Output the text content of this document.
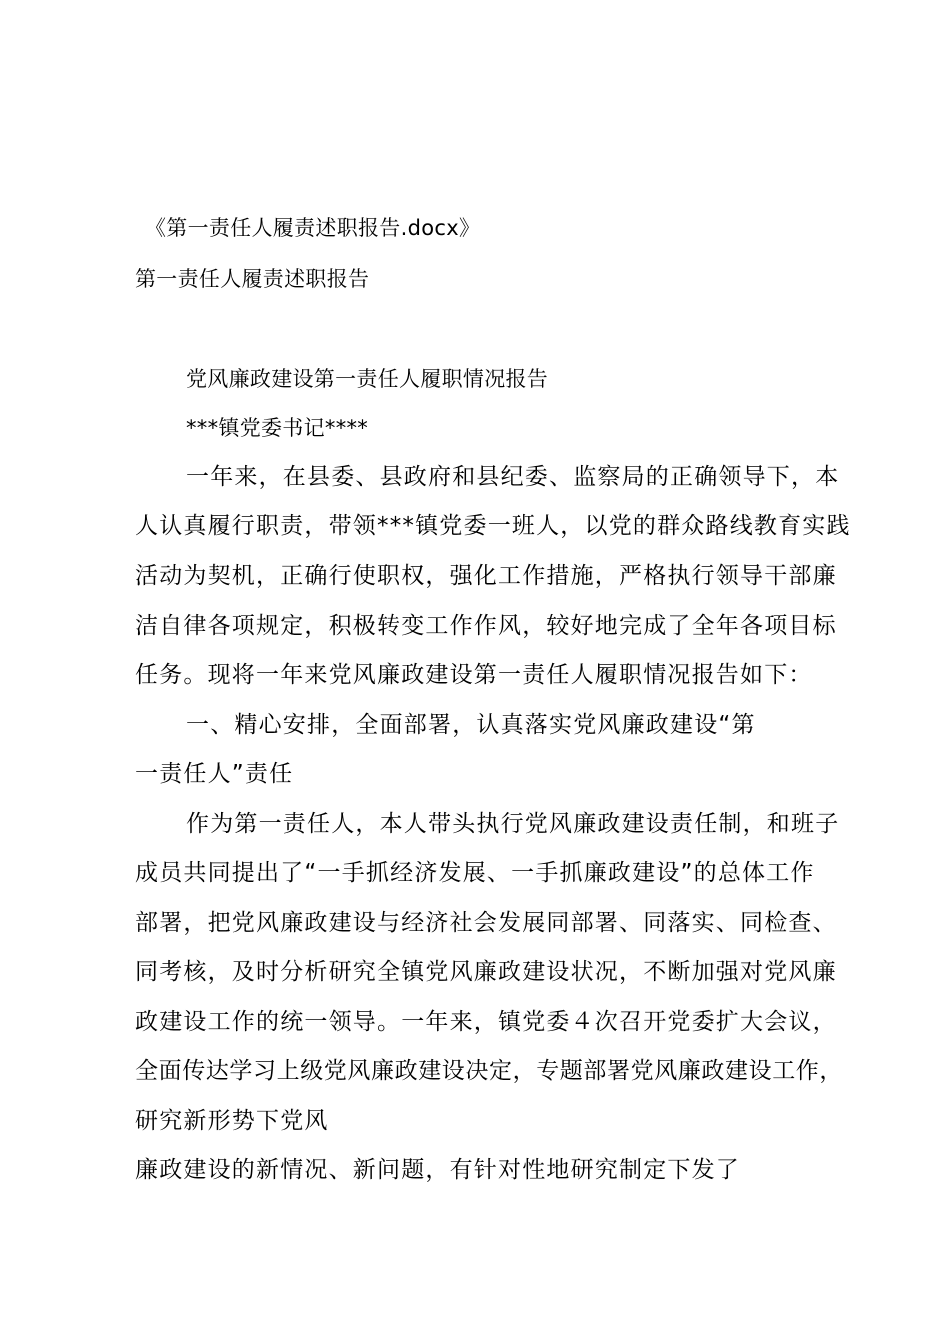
《第一责任人履责述职报告.docx》
第一责任人履责述职报告
党风廉政建设第一责任人履职情况报告
***镇党委书记****
一年来，在县委、县政府和县纪委、监察局的正确领导下，本
人认真履行职责，带领***镇党委一班人，以党的群众路线教育实践
活动为契机，正确行使职权，强化工作措施，严格执行领导干部廉
洁自律各项规定，积极转变工作作风，较好地完成了全年各项目标
任务。现将一年来党风廉政建设第一责任人履职情况报告如下：
一、精心安排，全面部署，认真落实党风廉政建设“第
一责任人”责任
作为第一责任人，本人带头执行党风廉政建设责任制，和班子
成员共同提出了“一手抓经济发展、一手抓廉政建设”的总体工作
部署，把党风廉政建设与经济社会发展同部署、同落实、同检查、
同考核，及时分析研究全镇党风廉政建设状况，不断加强对党风廉
政建设工作的统一领导。一年来，镇党委４次召开党委扩大会议，
全面传达学习上级党风廉政建设决定，专题部署党风廉政建设工作，
研究新形势下党风
廉政建设的新情况、新问题，有针对性地研究制定下发了
